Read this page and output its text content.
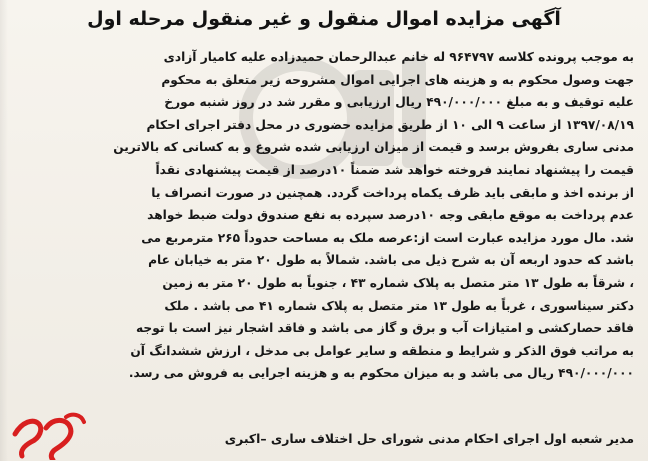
آگهی مزایده اموال منقول و غیر منقول مرحله اول
به موجب پرونده کلاسه ۹۶۴۷۹۷ له خانم عبدالرحمان حمیدزاده علیه کامیار آزادی
جهت وصول محکوم به و هزینه های اجرایی اموال مشروحه زیر متعلق به محکوم
علیه توقیف و به مبلغ ۴۹۰/۰۰۰/۰۰۰ ریال ارزیابی و مقرر شد در روز شنبه مورخ
۱۳۹۷/۰۸/۱۹ از ساعت ۹ الی ۱۰ از طریق مزایده حضوری در محل دفتر اجرای احکام
مدنی ساری بفروش برسد و قیمت از میزان ارزیابی شده شروع و به کسانی که بالاترین
قیمت را پیشنهاد نمایند فروخته خواهد شد ضمناً ۱۰درصد از قیمت پیشنهادی نقداً
از برنده اخذ و مابقی باید ظرف یکماه پرداخت گردد. همچنین در صورت انصراف یا
عدم پرداخت به موقع مابقی وجه ۱۰درصد سپرده به نفع صندوق دولت ضبط خواهد
شد. مال مورد مزایده عبارت است از:عرصه ملک به مساحت حدوداً ۲۶۵ مترمربع می
باشد که حدود اربعه آن به شرح ذیل می باشد. شمالاً به طول ۲۰ متر به خیابان عام
، شرقاً به طول ۱۳ متر متصل به پلاک شماره ۴۳ ، جنوباً به طول ۲۰ متر به زمین
دکتر سیناسوری ، غرباً به طول ۱۳ متر متصل به پلاک شماره ۴۱ می باشد . ملک
فاقد حصارکشی و امتیازات آب و برق و گاز می باشد و فاقد اشجار نیز است با توجه
به مراتب فوق الذکر و شرایط و منطقه و سایر عوامل بی مدخل ، ارزش ششدانگ آن
۴۹۰/۰۰۰/۰۰۰ ریال می باشد و به میزان محکوم به و هزینه اجرایی به فروش می رسد.
مدیر شعبه اول اجرای احکام مدنی شورای حل اختلاف ساری –اکبری
